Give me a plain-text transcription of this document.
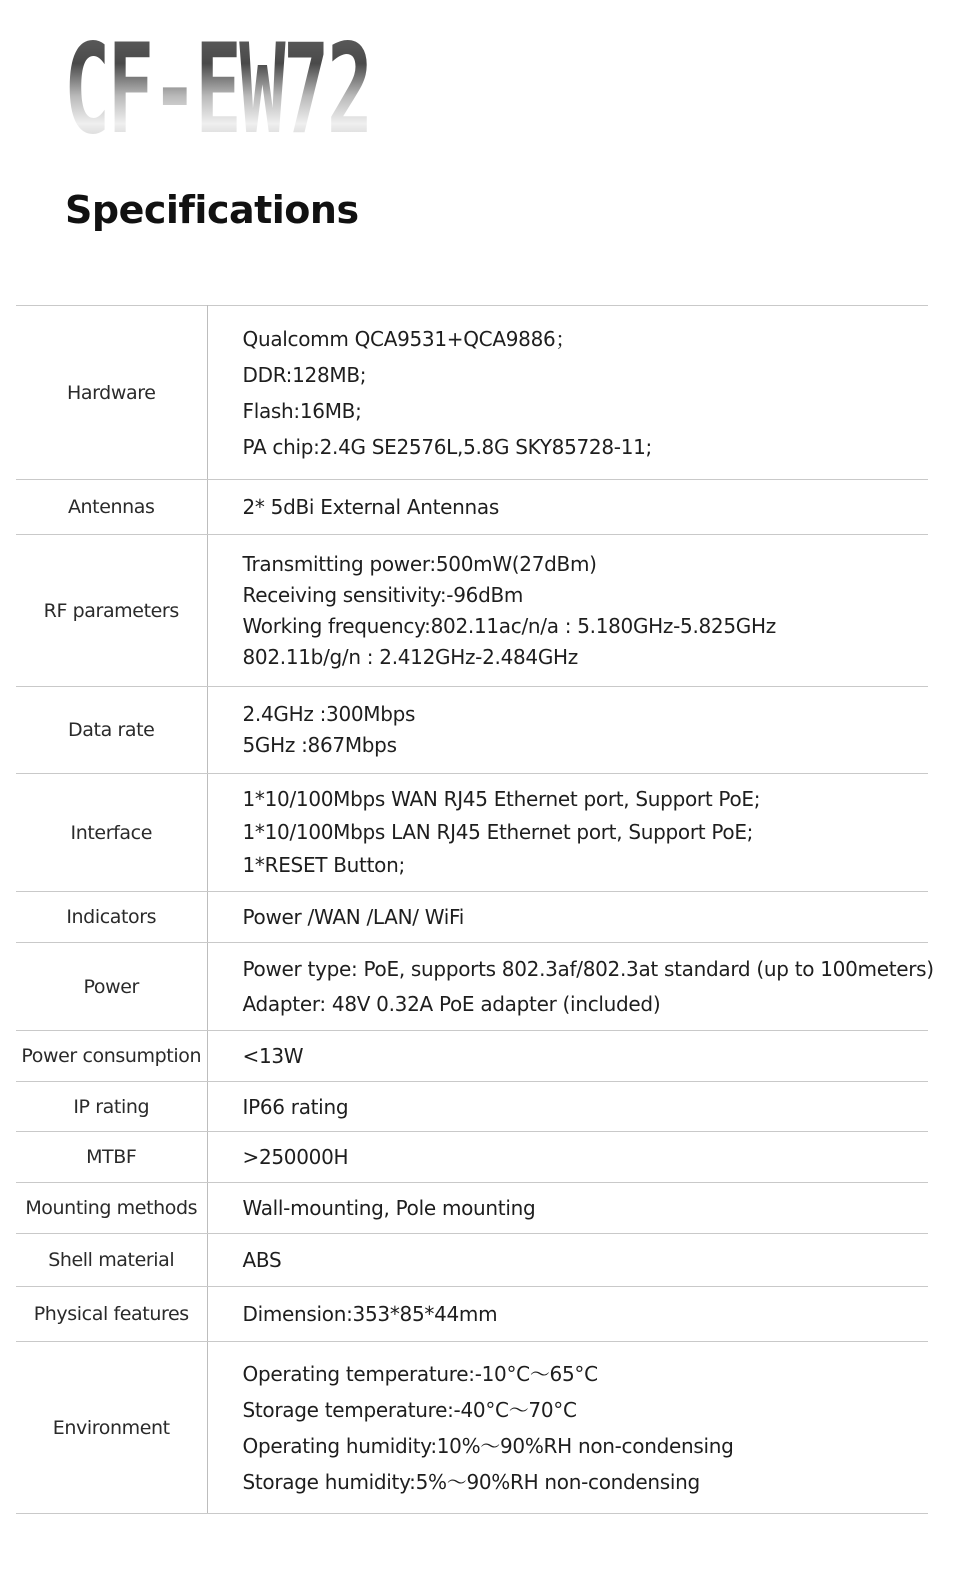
CF-EW72
Specifications
Hardware	Qualcomm QCA9531+QCA9886；
DDR:128MB;
Flash:16MB;
PA chip:2.4G SE2576L,5.8G SKY85728-11;

Antennas	2* 5dBi External Antennas

RF parameters	Transmitting power:500mW(27dBm)
Receiving sensitivity:-96dBm
Working frequency:802.11ac/n/a : 5.180GHz-5.825GHz
802.11b/g/n : 2.412GHz-2.484GHz

Data rate	2.4GHz :300Mbps
5GHz :867Mbps

Interface	1*10/100Mbps WAN RJ45 Ethernet port, Support PoE;
1*10/100Mbps LAN RJ45 Ethernet port, Support PoE;
1*RESET Button;

Indicators	Power /WAN /LAN/ WiFi

Power	Power type: PoE, supports 802.3af/802.3at standard (up to 100meters)
Adapter: 48V 0.32A PoE adapter (included)

Power consumption	<13W

IP rating	IP66 rating

MTBF	>250000H

Mounting methods	Wall-mounting, Pole mounting

Shell material	ABS

Physical features	Dimension:353*85*44mm

Environment	Operating temperature:-10°C～65°C
Storage temperature:-40°C～70°C
Operating humidity:10%～90%RH non-condensing
Storage humidity:5%～90%RH non-condensing
